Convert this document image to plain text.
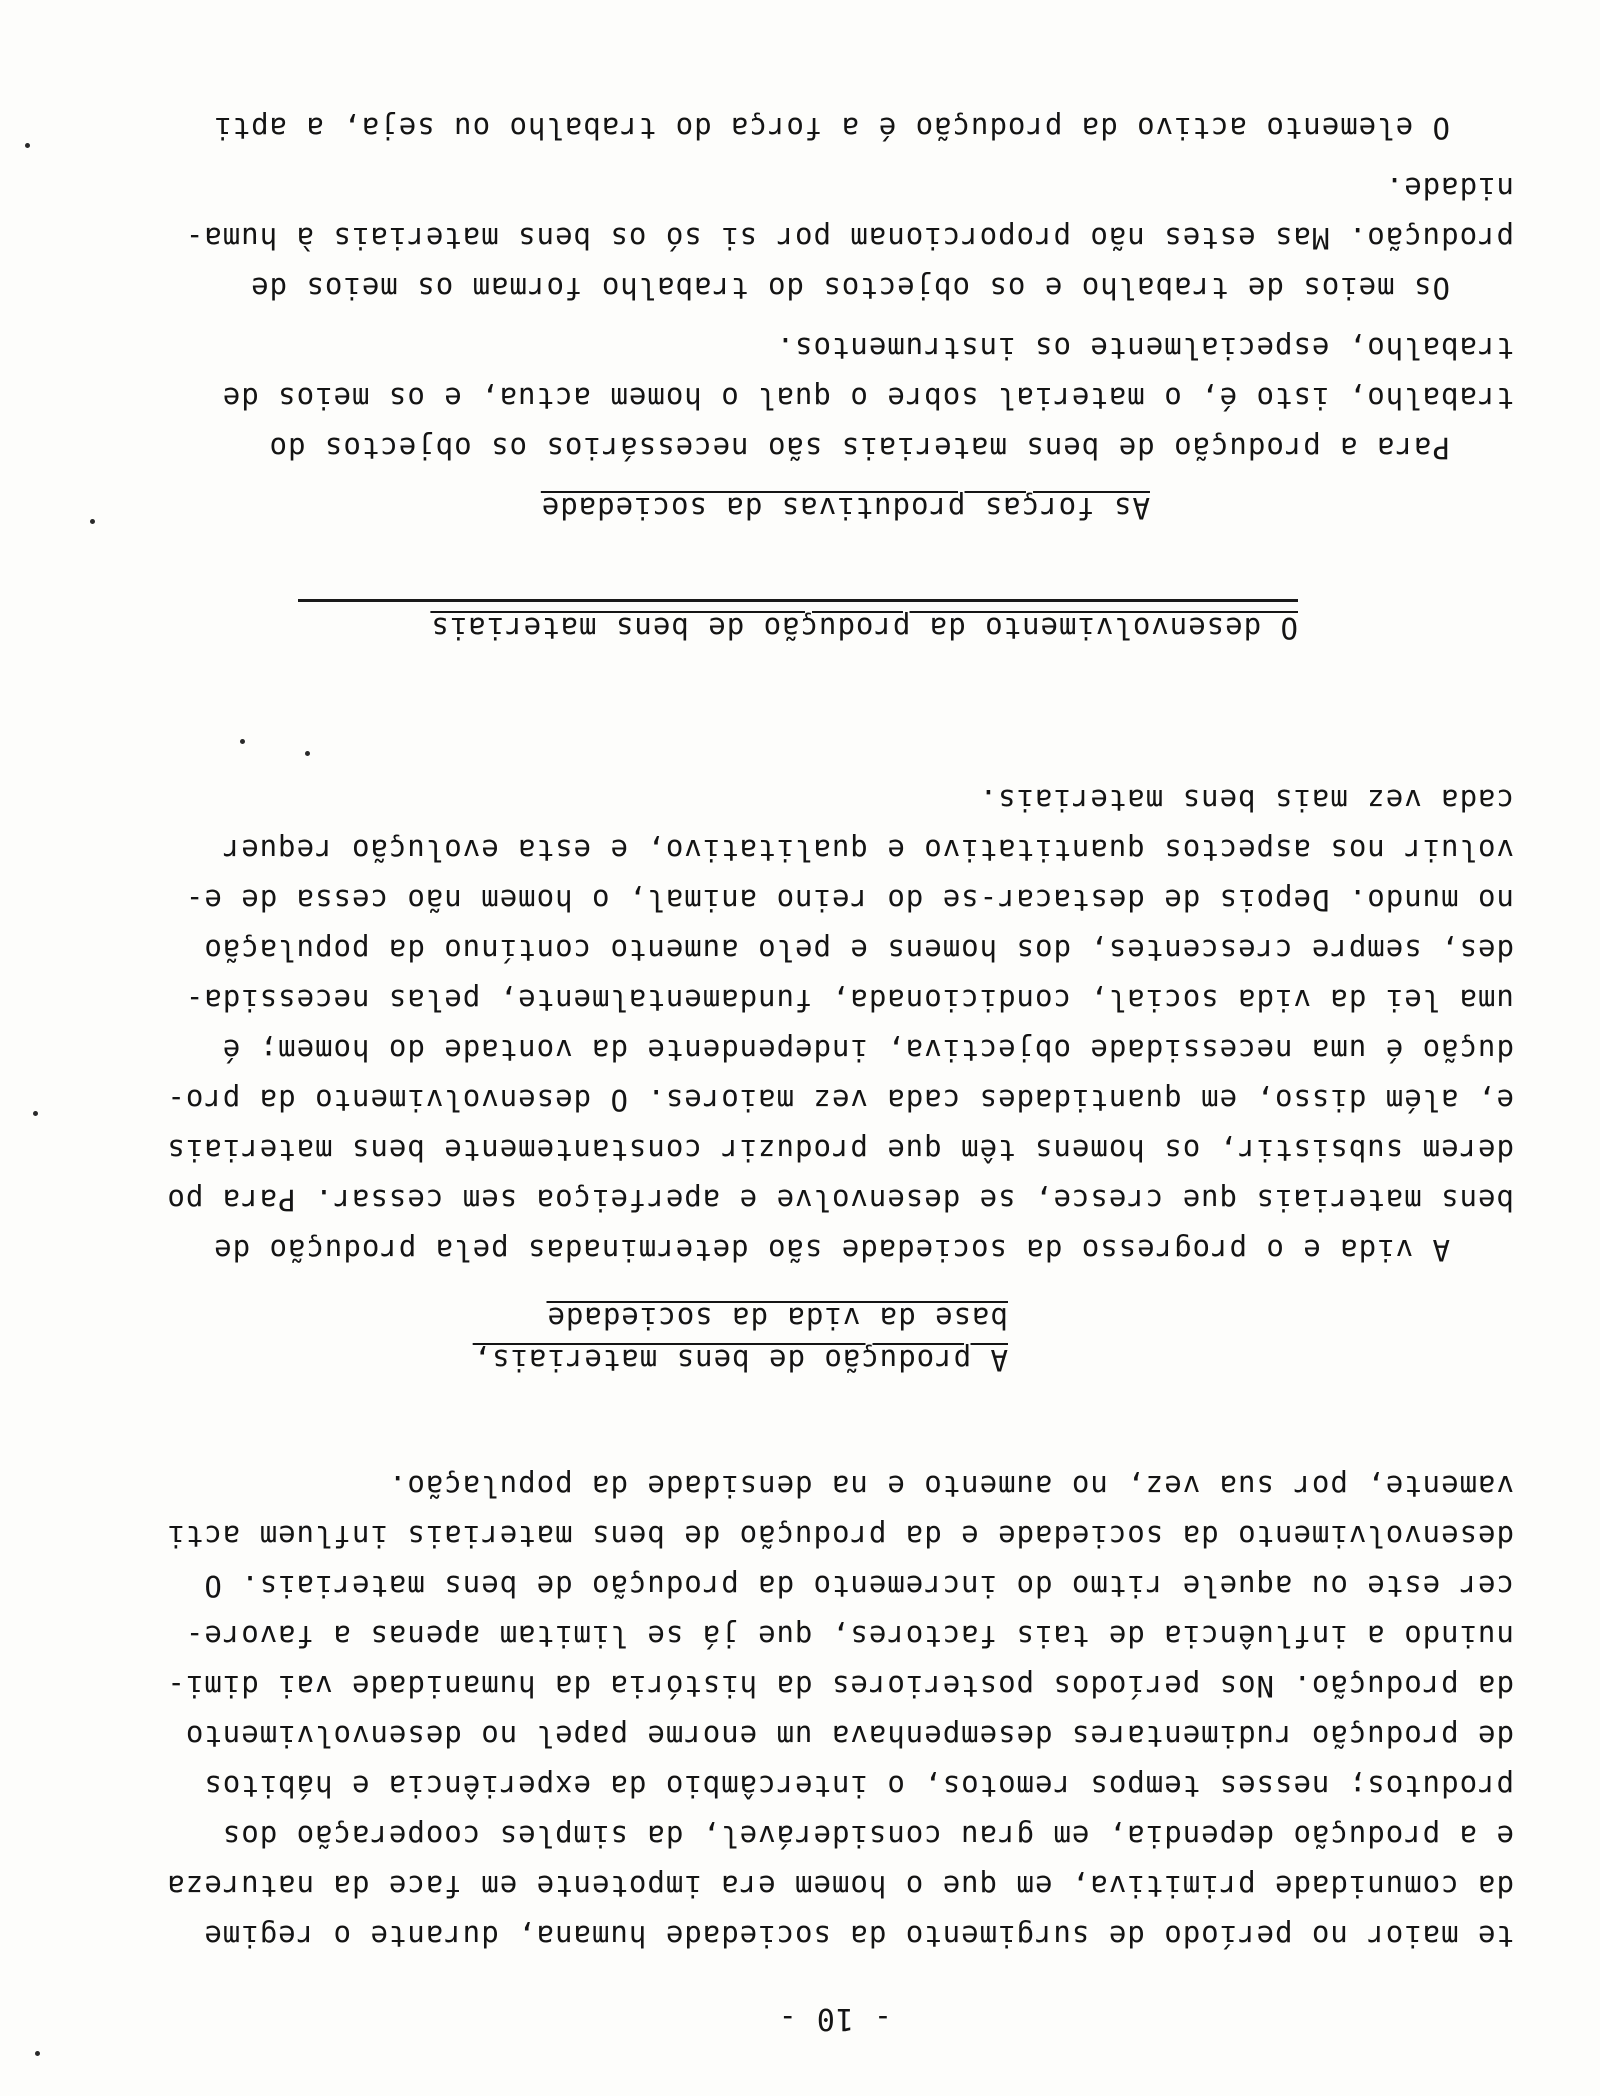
- 10 -
te maior no período de surgimento da sociedade humana, durante o regime
da comunidade primitiva, em que o homem era impotente em face da natureza
e a produção dependia, em grau considerável, da simples cooperação dos
produtos; nesses tempos remotos, o intercâmbio da experiência e hábitos
de produção rudimentares desempenhava um enorme papel no desenvolvimento
da produção. Nos períodos posteriores da história da humanidade vai dimi-
nuindo a influência de tais factores, que já se limitam apenas a favore-
cer este ou aquele ritmo do incremento da produção de bens materiais. O
desenvolvimento da sociedade e da produção de bens materiais influem acti
vamente, por sua vez, no aumento e na densidade da população.
A produção de bens materiais,
base da vida da sociedade
A vida e o progresso da sociedade são determinadas pela produção de
bens materiais que cresce, se desenvolve e aperfeiçoa sem cessar. Para po
derem subsistir, os homens têm que produzir constantemente bens materiais
e, além disso, em quantidades cada vez maiores. O desenvolvimento da pro-
dução é uma necessidade objectiva, independente da vontade do homem; é
uma lei da vida social, condicionada, fundamentalmente, pelas necessida-
des, sempre crescentes, dos homens e pelo aumento contínuo da população
no mundo. Depois de destacar-se do reino animal, o homem não cessa de e-
voluir nos aspectos quantitativo e qualitativo, e esta evolução requer
cada vez mais bens materiais.
O desenvolvimento da produção de bens materiais
As forças produtivas da sociedade
Para a produção de bens materiais são necessários os objectos do
trabalho, isto é, o material sobre o qual o homem actua, e os meios de
trabalho, especialmente os instrumentos.
Os meios de trabalho e os objectos do trabalho formam os meios de
produção. Mas estes não proporcionam por si só os bens materiais à huma-
nidade.
O elemento activo da produção é a força do trabalho ou seja, a apti
